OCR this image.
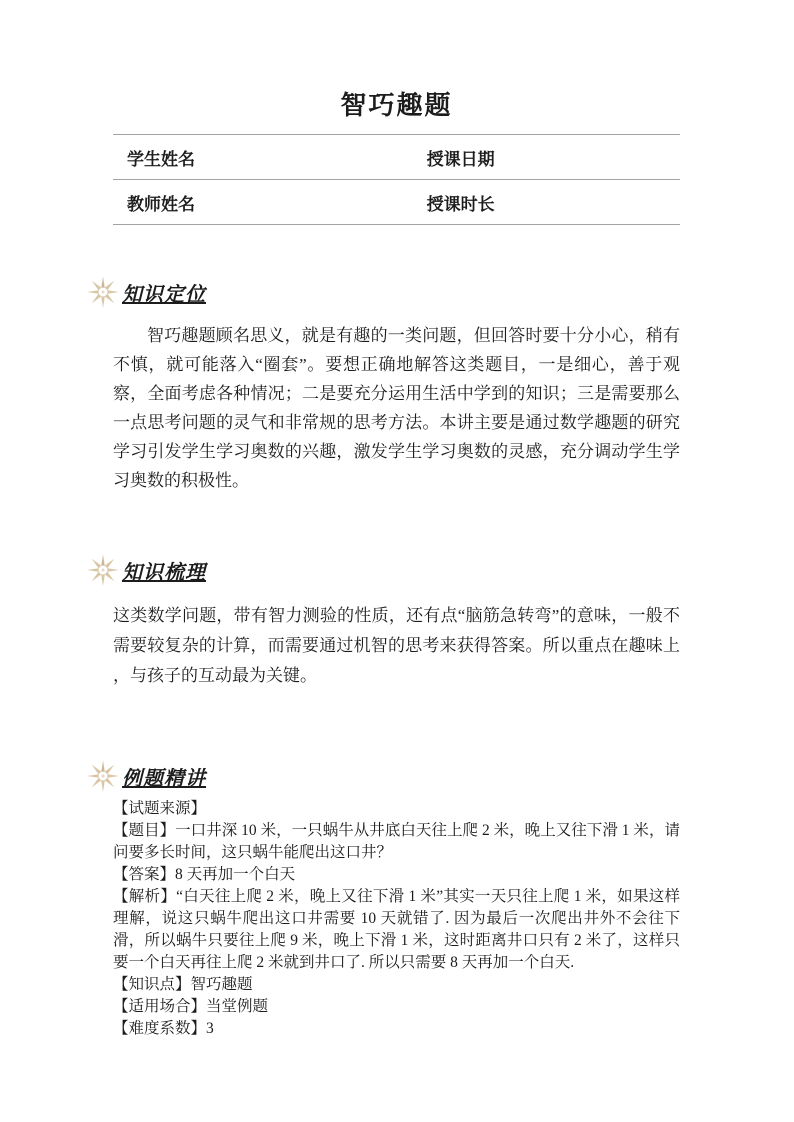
智巧趣题
学生姓名		授课日期	
教师姓名		授课时长	
知识定位

智巧趣题顾名思义，就是有趣的一类问题，但回答时要十分小心，稍有不慎，就可能落入“圈套”。要想正确地解答这类题目，一是细心，善于观察，全面考虑各种情况；二是要充分运用生活中学到的知识；三是需要那么一点思考问题的灵气和非常规的思考方法。本讲主要是通过数学趣题的研究学习引发学生学习奥数的兴趣，激发学生学习奥数的灵感，充分调动学生学习奥数的积极性。

知识梳理

这类数学问题，带有智力测验的性质，还有点“脑筋急转弯”的意味，一般不需要较复杂的计算，而需要通过机智的思考来获得答案。所以重点在趣味上 ，与孩子的互动最为关键。

例题精讲

【试题来源】

【题目】一口井深 10 米，一只蜗牛从井底白天往上爬 2 米，晚上又往下滑 1 米，请问要多长时间，这只蜗牛能爬出这口井？

【答案】8 天再加一个白天

【解析】“白天往上爬 2 米，晚上又往下滑 1 米”其实一天只往上爬 1 米，如果这样理解，说这只蜗牛爬出这口井需要 10 天就错了. 因为最后一次爬出井外不会往下滑，所以蜗牛只要往上爬 9 米，晚上下滑 1 米，这时距离井口只有 2 米了，这样只要一个白天再往上爬 2 米就到井口了. 所以只需要 8 天再加一个白天.

【知识点】智巧趣题

【适用场合】当堂例题

【难度系数】3
